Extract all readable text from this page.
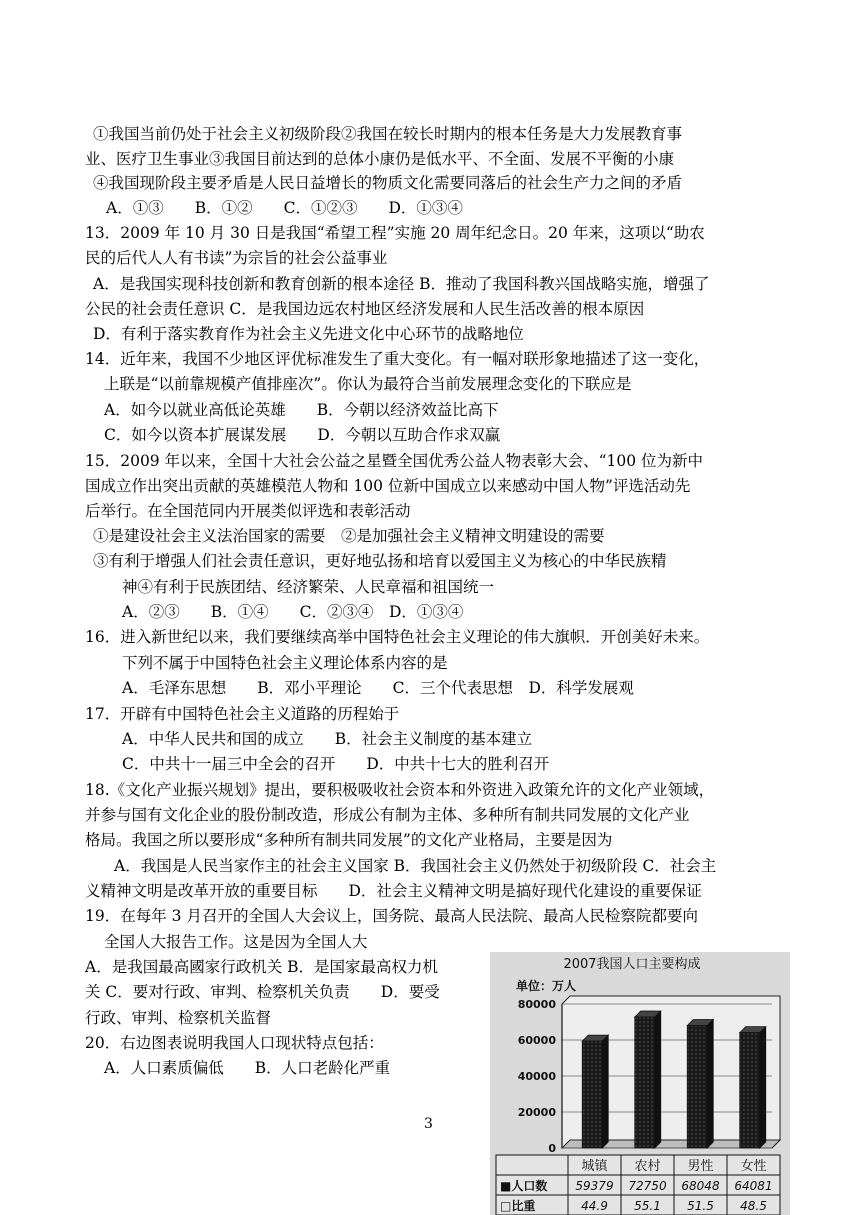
①我国当前仍处于社会主义初级阶段②我国在较长时期内的根本任务是大力发展教育事
业、医疗卫生事业③我国目前达到的总体小康仍是低水平、不全面、发展不平衡的小康
④我国现阶段主要矛盾是人民日益增长的物质文化需要同落后的社会生产力之间的矛盾
A．①③　　B．①②　　C．①②③　　D．①③④
13．2009 年 10 月 30 日是我国“希望工程”实施 20 周年纪念日。20 年来，这项以“助农
民的后代人人有书读”为宗旨的社会公益事业
A．是我国实现科技创新和教育创新的根本途径 B．推动了我国科教兴国战略实施，增强了
公民的社会责任意识 C．是我国边远农村地区经济发展和人民生活改善的根本原因
D．有利于落实教育作为社会主义先进文化中心环节的战略地位
14．近年来，我国不少地区评优标准发生了重大变化。有一幅对联形象地描述了这一变化，
上联是“以前靠规模产值排座次”。你认为最符合当前发展理念变化的下联应是
A．如今以就业高低论英雄　　B．今朝以经济效益比高下
C．如今以资本扩展谋发展　　D．今朝以互助合作求双赢
15．2009 年以来，全国十大社会公益之星暨全国优秀公益人物表彰大会、“100 位为新中
国成立作出突出贡献的英雄模范人物和 100 位新中国成立以来感动中国人物”评选活动先
后举行。在全国范同内开展类似评选和表彰活动
①是建设社会主义法治国家的需要　②是加强社会主义精神文明建设的需要
③有利于增强人们社会责任意识，更好地弘扬和培育以爱国主义为核心的中华民族精
神④有利于民族团结、经济繁荣、人民章福和祖国统一
A．②③　　B．①④　　C．②③④　D．①③④
16．进入新世纪以来，我们要继续高举中国特色社会主义理论的伟大旗帜．开创美好未来。
下列不属于中国特色社会主义理论体系内容的是
A．毛泽东思想　　B．邓小平理论　　C．三个代表思想　D．科学发展观
17．开辟有中国特色社会主义道路的历程始于
A．中华人民共和国的成立　　B．社会主义制度的基本建立
C．中共十一届三中全会的召开　　D．中共十七大的胜利召开
18.《文化产业振兴规划》提出，要积极吸收社会资本和外资进入政策允许的文化产业领域，
并参与国有文化企业的股份制改造，形成公有制为主体、多种所有制共同发展的文化产业
格局。我国之所以要形成“多种所有制共同发展”的文化产业格局，主要是因为
A．我国是人民当家作主的社会主义国家 B．我国社会主义仍然处于初级阶段 C．社会主
义精神文明是改革开放的重要目标　　D．社会主义精神文明是搞好现代化建设的重要保证
19．在每年 3 月召开的全国人大会议上，国务院、最高人民法院、最高人民检察院都要向
全国人大报告工作。这是因为全国人大
A．是我国最高國家行政机关 B．是国家最高权力机
关 C．要对行政、审判、检察机关负责　　D．要受
行政、审判、检察机关监督
20．右边图表说明我国人口现状特点包括：
A．人口素质偏低　　B．人口老龄化严重
3
2007我国人口主要构成
单位：万人
80000
60000
40000
20000
0
城镇
59379
44.9
农村
72750
55.1
男性
68048
51.5
女性
64081
48.5
■人口数
□比重
